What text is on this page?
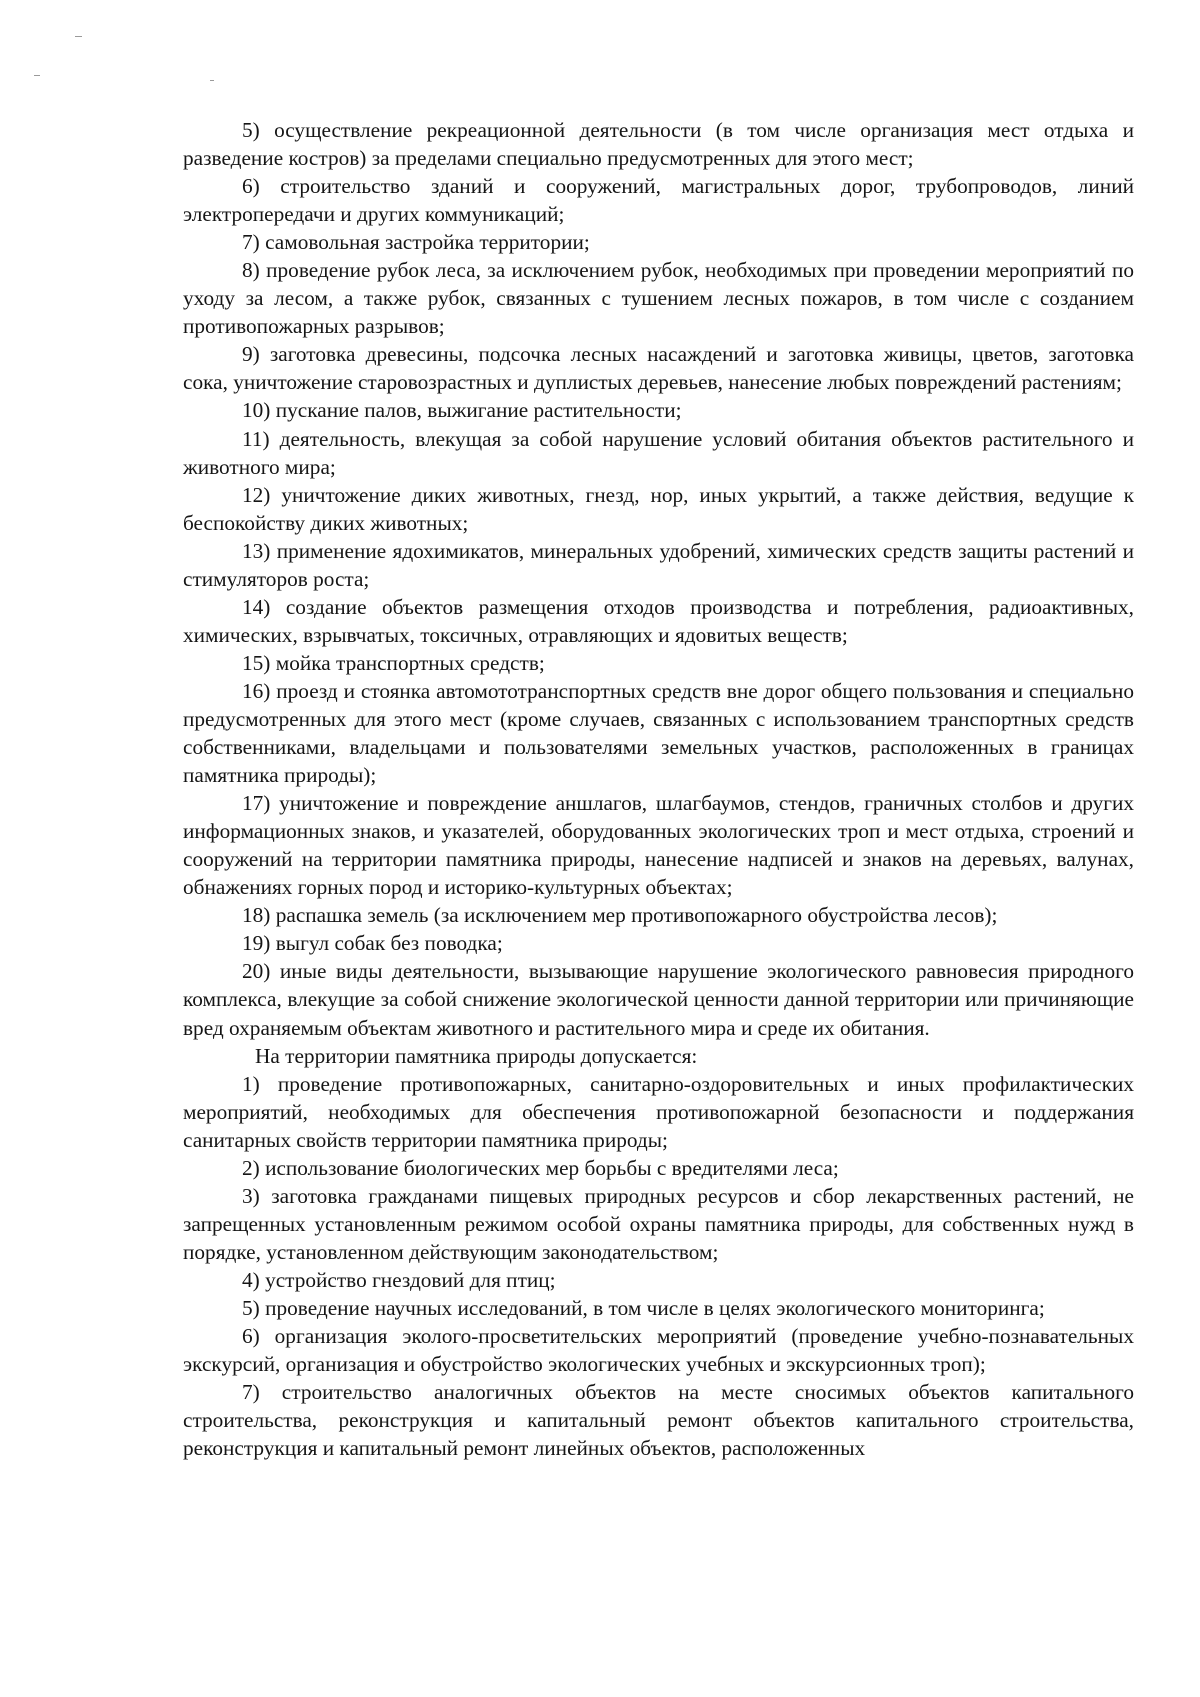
5) осуществление рекреационной деятельности (в том числе организация мест отдыха и разведение костров) за пределами специально предусмотренных для этого мест;

6) строительство зданий и сооружений, магистральных дорог, трубопроводов, линий электропередачи и других коммуникаций;

7) самовольная застройка территории;

8) проведение рубок леса, за исключением рубок, необходимых при проведении мероприятий по уходу за лесом, а также рубок, связанных с тушением лесных пожаров, в том числе с созданием противопожарных разрывов;

9) заготовка древесины, подсочка лесных насаждений и заготовка живицы, цветов, заготовка сока, уничтожение старовозрастных и дуплистых деревьев, нанесение любых повреждений растениям;

10) пускание палов, выжигание растительности;

11) деятельность, влекущая за собой нарушение условий обитания объектов растительного и животного мира;

12) уничтожение диких животных, гнезд, нор, иных укрытий, а также действия, ведущие к беспокойству диких животных;

13) применение ядохимикатов, минеральных удобрений, химических средств защиты растений и стимуляторов роста;

14) создание объектов размещения отходов производства и потребления, радиоактивных, химических, взрывчатых, токсичных, отравляющих и ядовитых веществ;

15) мойка транспортных средств;

16) проезд и стоянка автомототранспортных средств вне дорог общего пользования и специально предусмотренных для этого мест (кроме случаев, связанных с использованием транспортных средств собственниками, владельцами и пользователями земельных участков, расположенных в границах памятника природы);

17) уничтожение и повреждение аншлагов, шлагбаумов, стендов, граничных столбов и других информационных знаков, и указателей, оборудованных экологических троп и мест отдыха, строений и сооружений на территории памятника природы, нанесение надписей и знаков на деревьях, валунах, обнажениях горных пород и историко-культурных объектах;

18) распашка земель (за исключением мер противопожарного обустройства лесов);

19) выгул собак без поводка;

20) иные виды деятельности, вызывающие нарушение экологического равновесия природного комплекса, влекущие за собой снижение экологической ценности данной территории или причиняющие вред охраняемым объектам животного и растительного мира и среде их обитания.

На территории памятника природы допускается:

1) проведение противопожарных, санитарно-оздоровительных и иных профилактических мероприятий, необходимых для обеспечения противопожарной безопасности и поддержания санитарных свойств территории памятника природы;

2) использование биологических мер борьбы с вредителями леса;

3) заготовка гражданами пищевых природных ресурсов и сбор лекарственных растений, не запрещенных установленным режимом особой охраны памятника природы, для собственных нужд в порядке, установленном действующим законодательством;

4) устройство гнездовий для птиц;

5) проведение научных исследований, в том числе в целях экологического мониторинга;

6) организация эколого-просветительских мероприятий (проведение учебно-познавательных экскурсий, организация и обустройство экологических учебных и экскурсионных троп);

7) строительство аналогичных объектов на месте сносимых объектов капитального строительства, реконструкция и капитальный ремонт объектов капитального строительства, реконструкция и капитальный ремонт линейных объектов, расположенных
